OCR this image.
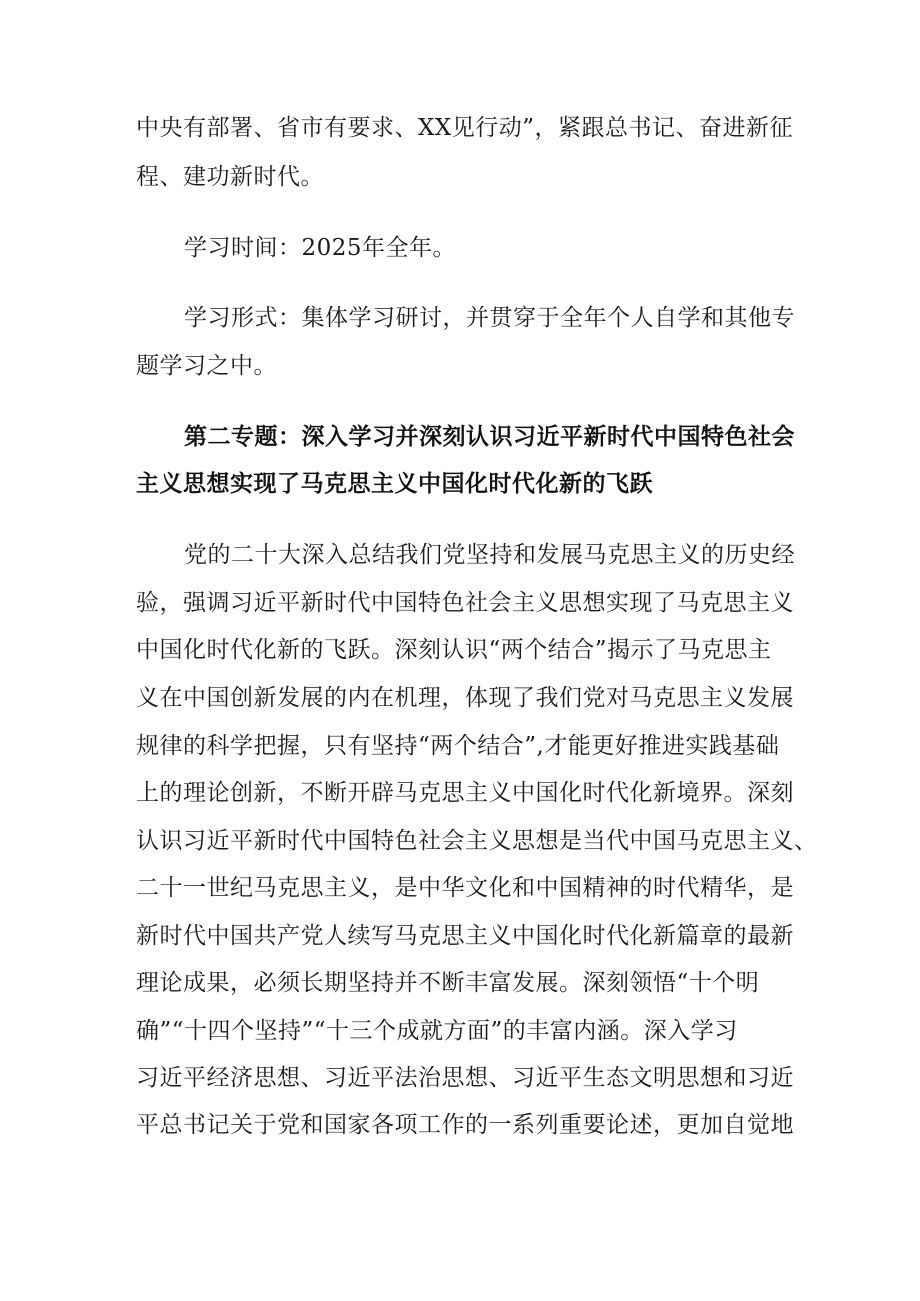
中央有部署、省市有要求、XX见行动”，紧跟总书记、奋进新征
程、建功新时代。
学习时间：2025年全年。
学习形式：集体学习研讨，并贯穿于全年个人自学和其他专
题学习之中。
第二专题：深入学习并深刻认识习近平新时代中国特色社会
主义思想实现了马克思主义中国化时代化新的飞跃
党的二十大深入总结我们党坚持和发展马克思主义的历史经
验，强调习近平新时代中国特色社会主义思想实现了马克思主义
中国化时代化新的飞跃。深刻认识“两个结合”揭示了马克思主
义在中国创新发展的内在机理，体现了我们党对马克思主义发展
规律的科学把握，只有坚持“两个结合”,才能更好推进实践基础
上的理论创新，不断开辟马克思主义中国化时代化新境界。深刻
认识习近平新时代中国特色社会主义思想是当代中国马克思主义、
二十一世纪马克思主义，是中华文化和中国精神的时代精华，是
新时代中国共产党人续写马克思主义中国化时代化新篇章的最新
理论成果，必须长期坚持并不断丰富发展。深刻领悟“十个明
确”“十四个坚持”“十三个成就方面”的丰富内涵。深入学习
习近平经济思想、习近平法治思想、习近平生态文明思想和习近
平总书记关于党和国家各项工作的一系列重要论述，更加自觉地
